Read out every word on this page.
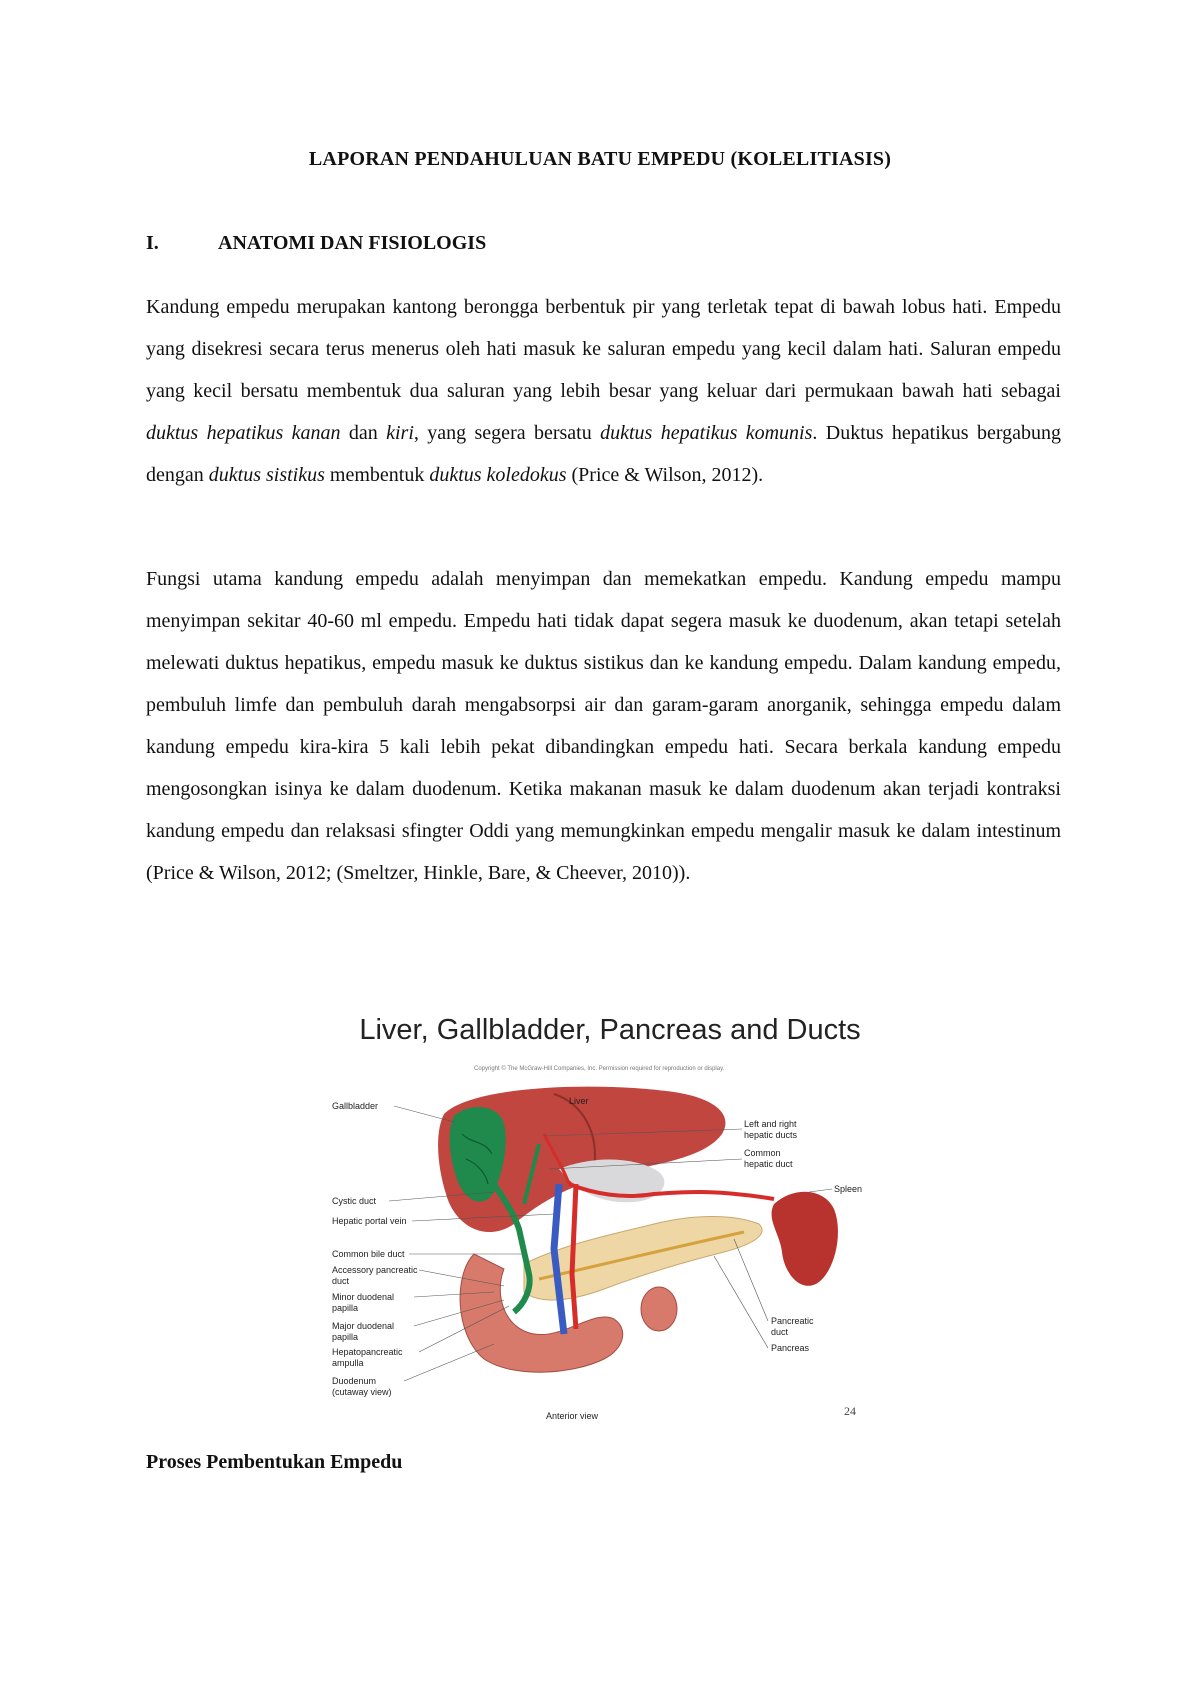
LAPORAN PENDAHULUAN BATU EMPEDU (KOLELITIASIS)
I.	ANATOMI DAN FISIOLOGIS

Kandung empedu merupakan kantong berongga berbentuk pir yang terletak tepat di bawah lobus hati. Empedu yang disekresi secara terus menerus oleh hati masuk ke saluran empedu yang kecil dalam hati. Saluran empedu yang kecil bersatu membentuk dua saluran yang lebih besar yang keluar dari permukaan bawah hati sebagai duktus hepatikus kanan dan kiri, yang segera bersatu duktus hepatikus komunis. Duktus hepatikus bergabung dengan duktus sistikus membentuk duktus koledokus (Price & Wilson, 2012).

Fungsi utama kandung empedu adalah menyimpan dan memekatkan empedu. Kandung empedu mampu menyimpan sekitar 40-60 ml empedu. Empedu hati tidak dapat segera masuk ke duodenum, akan tetapi setelah melewati duktus hepatikus, empedu masuk ke duktus sistikus dan ke kandung empedu. Dalam kandung empedu, pembuluh limfe dan pembuluh darah mengabsorpsi air dan garam-garam anorganik, sehingga empedu dalam kandung empedu kira-kira 5 kali lebih pekat dibandingkan empedu hati. Secara berkala kandung empedu mengosongkan isinya ke dalam duodenum. Ketika makanan masuk ke dalam duodenum akan terjadi kontraksi kandung empedu dan relaksasi sfingter Oddi yang memungkinkan empedu mengalir masuk ke dalam intestinum (Price & Wilson, 2012; (Smeltzer, Hinkle, Bare, & Cheever, 2010)).

Liver, Gallbladder, Pancreas and Ducts
Copyright © The McGraw-Hill Companies, Inc. Permission required for reproduction or display.
Liver
Gallbladder
Cystic duct
Hepatic portal vein
Common bile duct
Accessory pancreatic
duct
Minor duodenal
papilla
Major duodenal
papilla
Hepatopancreatic
ampulla
Duodenum
(cutaway view)
Left and right
hepatic ducts
Common
hepatic duct
Spleen
Pancreatic
duct
Pancreas
Anterior view	24
Proses Pembentukan Empedu
